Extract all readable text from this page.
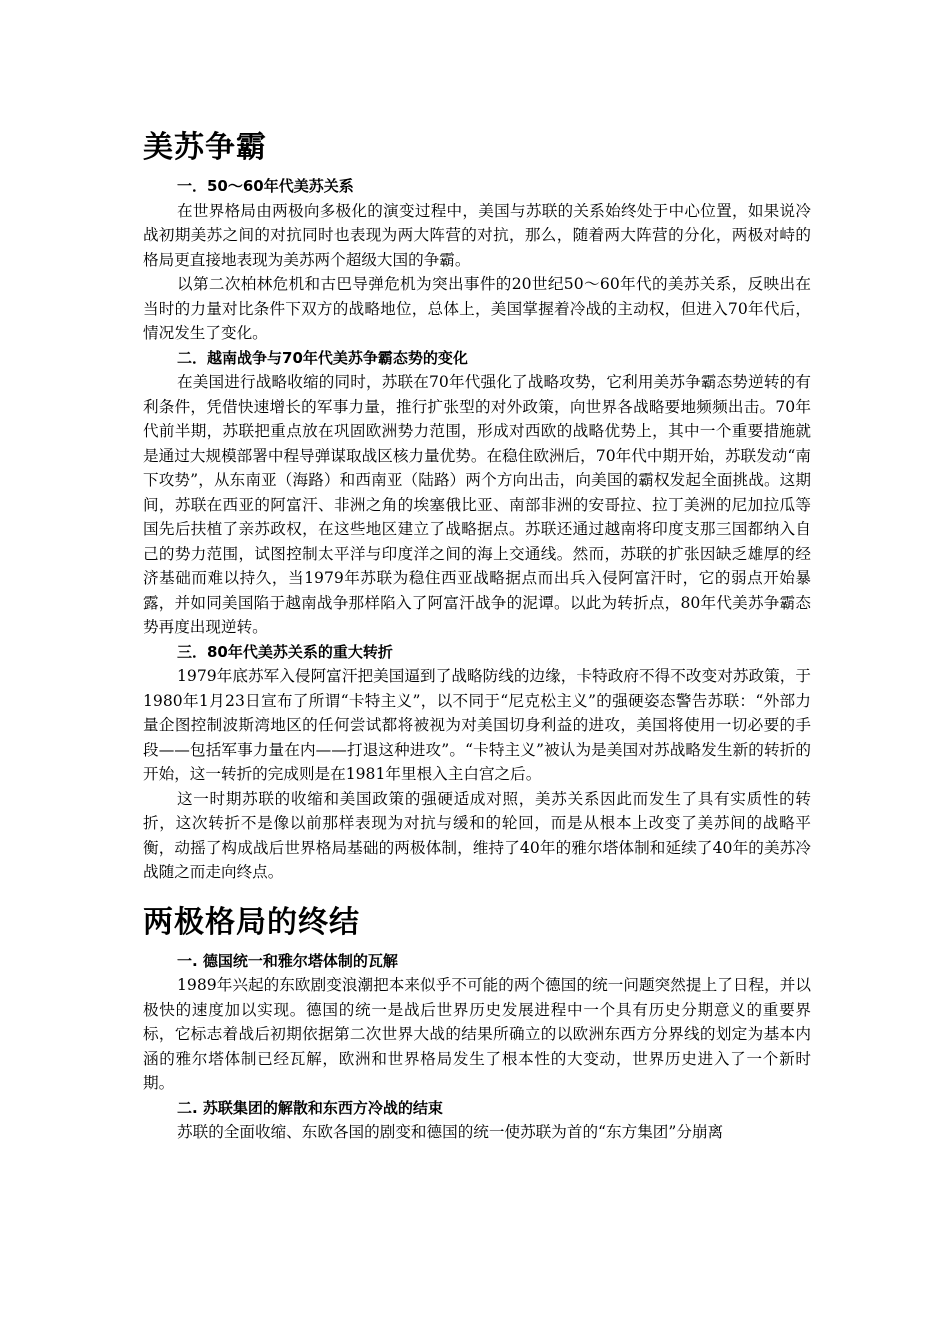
美苏争霸
一．50～60年代美苏关系

在世界格局由两极向多极化的演变过程中，美国与苏联的关系始终处于中心位置，如果说冷战初期美苏之间的对抗同时也表现为两大阵营的对抗，那么，随着两大阵营的分化，两极对峙的格局更直接地表现为美苏两个超级大国的争霸。

以第二次柏林危机和古巴导弹危机为突出事件的20世纪50～60年代的美苏关系，反映出在当时的力量对比条件下双方的战略地位，总体上，美国掌握着冷战的主动权，但进入70年代后，情况发生了变化。

二．越南战争与70年代美苏争霸态势的变化

在美国进行战略收缩的同时，苏联在70年代强化了战略攻势，它利用美苏争霸态势逆转的有利条件，凭借快速增长的军事力量，推行扩张型的对外政策，向世界各战略要地频频出击。70年代前半期，苏联把重点放在巩固欧洲势力范围，形成对西欧的战略优势上，其中一个重要措施就是通过大规模部署中程导弹谋取战区核力量优势。在稳住欧洲后，70年代中期开始，苏联发动“南下攻势”，从东南亚（海路）和西南亚（陆路）两个方向出击，向美国的霸权发起全面挑战。这期间，苏联在西亚的阿富汗、非洲之角的埃塞俄比亚、南部非洲的安哥拉、拉丁美洲的尼加拉瓜等国先后扶植了亲苏政权，在这些地区建立了战略据点。苏联还通过越南将印度支那三国都纳入自己的势力范围，试图控制太平洋与印度洋之间的海上交通线。然而，苏联的扩张因缺乏雄厚的经济基础而难以持久，当1979年苏联为稳住西亚战略据点而出兵入侵阿富汗时，它的弱点开始暴露，并如同美国陷于越南战争那样陷入了阿富汗战争的泥谭。以此为转折点，80年代美苏争霸态势再度出现逆转。

三．80年代美苏关系的重大转折

1979年底苏军入侵阿富汗把美国逼到了战略防线的边缘，卡特政府不得不改变对苏政策，于1980年1月23日宣布了所谓“卡特主义”，以不同于“尼克松主义”的强硬姿态警告苏联：“外部力量企图控制波斯湾地区的任何尝试都将被视为对美国切身利益的进攻，美国将使用一切必要的手段——包括军事力量在内——打退这种进攻”。“卡特主义”被认为是美国对苏战略发生新的转折的开始，这一转折的完成则是在1981年里根入主白宫之后。

这一时期苏联的收缩和美国政策的强硬适成对照，美苏关系因此而发生了具有实质性的转折，这次转折不是像以前那样表现为对抗与缓和的轮回，而是从根本上改变了美苏间的战略平衡，动摇了构成战后世界格局基础的两极体制，维持了40年的雅尔塔体制和延续了40年的美苏冷战随之而走向终点。

两极格局的终结
一. 德国统一和雅尔塔体制的瓦解

1989年兴起的东欧剧变浪潮把本来似乎不可能的两个德国的统一问题突然提上了日程，并以极快的速度加以实现。德国的统一是战后世界历史发展进程中一个具有历史分期意义的重要界标，它标志着战后初期依据第二次世界大战的结果所确立的以欧洲东西方分界线的划定为基本内涵的雅尔塔体制已经瓦解，欧洲和世界格局发生了根本性的大变动，世界历史进入了一个新时期。

二. 苏联集团的解散和东西方冷战的结束

苏联的全面收缩、东欧各国的剧变和德国的统一使苏联为首的“东方集团”分崩离
